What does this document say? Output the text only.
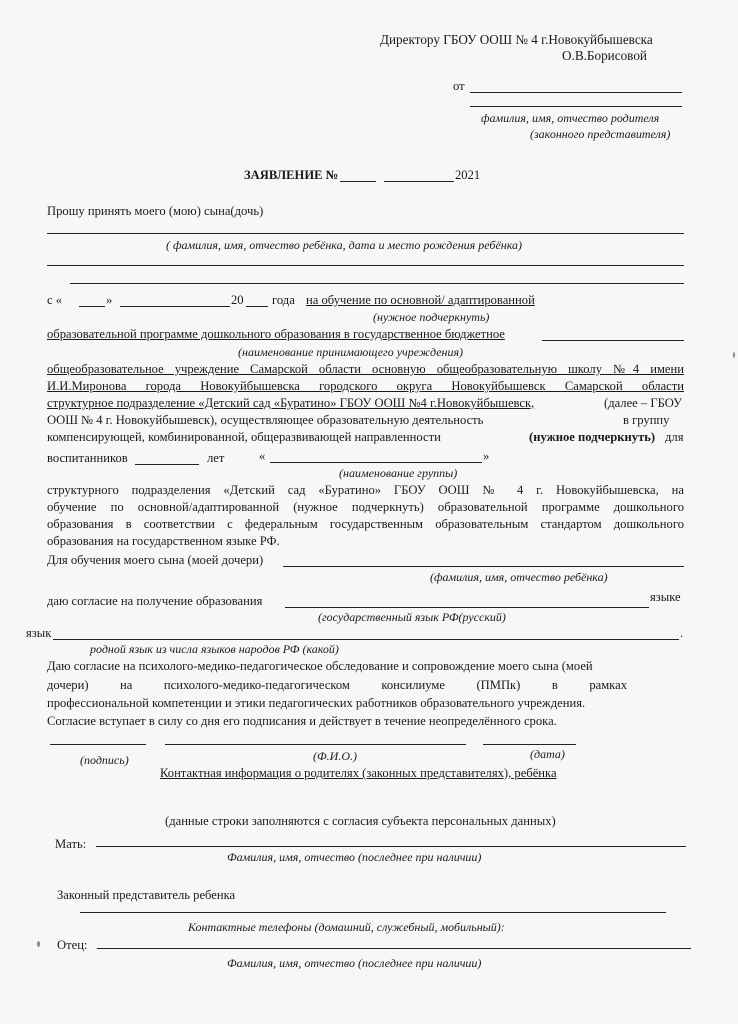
Директору ГБОУ ООШ № 4 г.Новокуйбышевска
О.В.Борисовой
от
фамилия, имя, отчество родителя
(законного представителя)
ЗАЯВЛЕНИЕ №	2021
Прошу принять моего (мою) сына(дочь)
( фамилия, имя, отчество ребёнка, дата и место рождения ребёнка)
с «	»	20 года на обучение по основной/ адаптированной
(нужное подчеркнуть)
образовательной программе дошкольного образования в государственное бюджетное
(наименование принимающего учреждения)
общеобразовательное учреждение Самарской области основную общеобразовательную школу №4 имени
И.И.Миронова города Новокуйбышевска городского округа Новокуйбышевск Самарской области
структурное подразделение «Детский сад «Буратино» ГБОУ ООШ №4 г.Новокуйбышевск,	(далее – ГБОУ
ООШ № 4 г. Новокуйбышевск), осуществляющее образовательную деятельность	в группу
компенсирующей, комбинированной, общеразвивающей направленности	(нужное подчеркнуть) для
воспитанников	лет	«	»
(наименование группы)
структурного подразделения «Детский сад «Буратино» ГБОУ ООШ № 4 г. Новокуйбышевска, на
обучение по основной/адаптированной (нужное подчеркнуть) образовательной программе дошкольного
образования в соответствии с федеральным государственным образовательным стандартом дошкольного
образования на государственном языке РФ.
Для обучения моего сына (моей дочери)
(фамилия, имя, отчество ребёнка)
даю согласие на получение образования	языке
(государственный язык РФ(русский)
язык	.
родной язык из числа языков народов РФ (какой)
Даю согласие на психолого-медико-педагогическое обследование и сопровождение моего сына (моей
дочери) на психолого-медико-педагогическом консилиуме (ПМПк) в рамках
профессиональной компетенции и этики педагогических работников образовательного учреждения.
Согласие вступает в силу со дня его подписания и действует в течение неопределённого срока.
(подпись)	(Ф.И.О.)	(дата)
Контактная информация о родителях (законных представителях), ребёнка
(данные строки заполняются с согласия субъекта персональных данных)
Мать:
Фамилия, имя, отчество (последнее при наличии)
Законный представитель ребенка
Контактные телефоны (домашний, служебный, мобильный):
Отец:
Фамилия, имя, отчество (последнее при наличии)
